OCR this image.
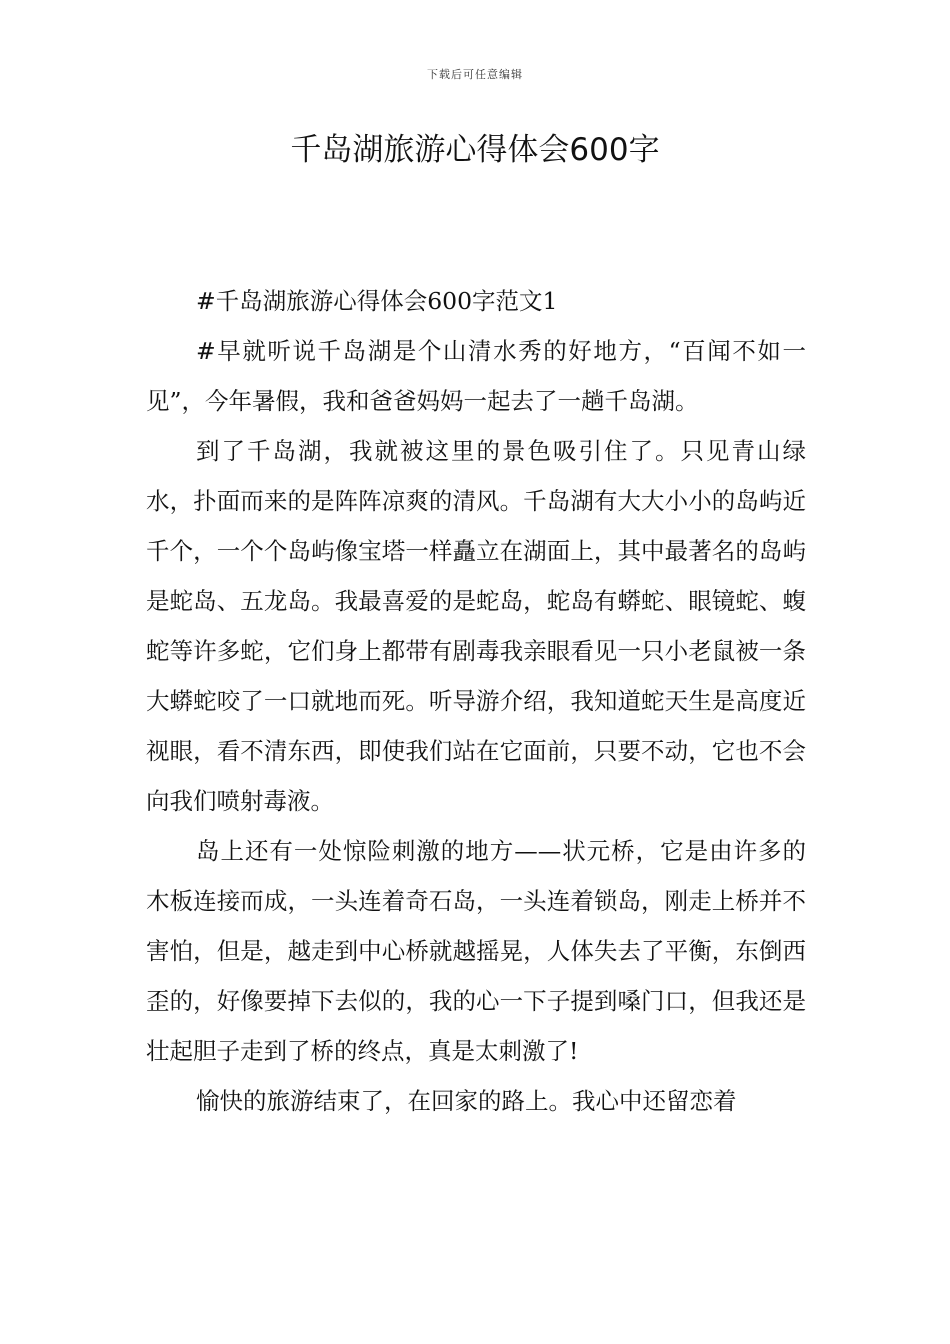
下载后可任意编辑
千岛湖旅游心得体会600字

#千岛湖旅游心得体会600字范文1

#早就听说千岛湖是个山清水秀的好地方，“百闻不如一见”，今年暑假，我和爸爸妈妈一起去了一趟千岛湖。

到了千岛湖，我就被这里的景色吸引住了。只见青山绿水，扑面而来的是阵阵凉爽的清风。千岛湖有大大小小的岛屿近千个，一个个岛屿像宝塔一样矗立在湖面上，其中最著名的岛屿是蛇岛、五龙岛。我最喜爱的是蛇岛，蛇岛有蟒蛇、眼镜蛇、蝮蛇等许多蛇，它们身上都带有剧毒我亲眼看见一只小老鼠被一条大蟒蛇咬了一口就地而死。听导游介绍，我知道蛇天生是高度近视眼，看不清东西，即使我们站在它面前，只要不动，它也不会向我们喷射毒液。

岛上还有一处惊险刺激的地方——状元桥，它是由许多的木板连接而成，一头连着奇石岛，一头连着锁岛，刚走上桥并不害怕，但是，越走到中心桥就越摇晃，人体失去了平衡，东倒西歪的，好像要掉下去似的，我的心一下子提到嗓门口，但我还是壮起胆子走到了桥的终点，真是太刺激了!

愉快的旅游结束了，在回家的路上。我心中还留恋着
